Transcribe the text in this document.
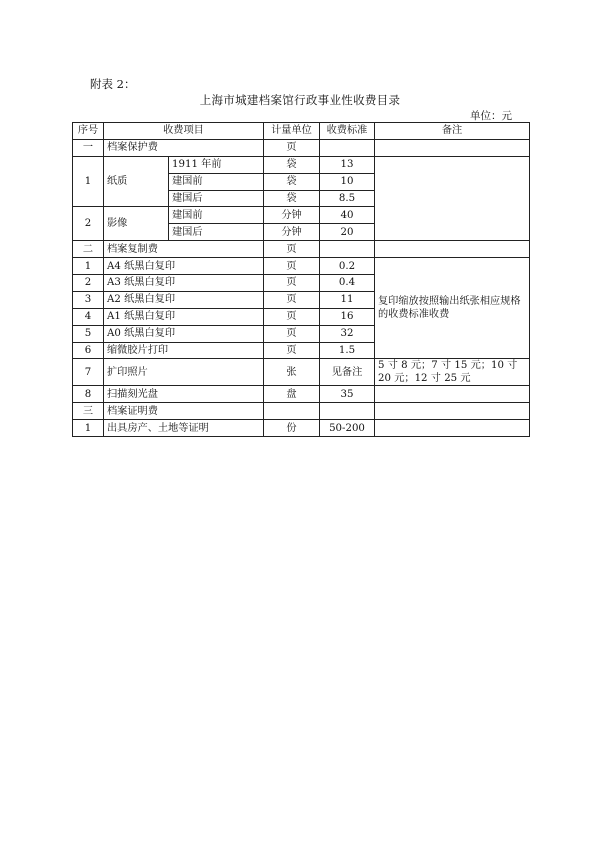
附表 2：
上海市城建档案馆行政事业性收费目录
单位：元
序号	收费项目		计量单位	收费标准	备注
一	档案保护费		页		
1	纸质	1911 年前	袋	13	
		建国前	袋	10	
		建国后	袋	8.5	
2	影像	建国前	分钟	40	
		建国后	分钟	20	
二	档案复制费		页		
1	A4 纸黑白复印		页	0.2	复印缩放按照输出纸张相应规格的收费标准收费
2	A3 纸黑白复印		页	0.4	
3	A2 纸黑白复印		页	11	
4	A1 纸黑白复印		页	16	
5	A0 纸黑白复印		页	32	
6	缩微胶片打印		页	1.5	
7	扩印照片		张	见备注	5 寸 8 元；7 寸 15 元；10 寸 20 元；12 寸 25 元
8	扫描刻光盘		盘	35	
三	档案证明费				
1	出具房产、土地等证明		份	50-200	
